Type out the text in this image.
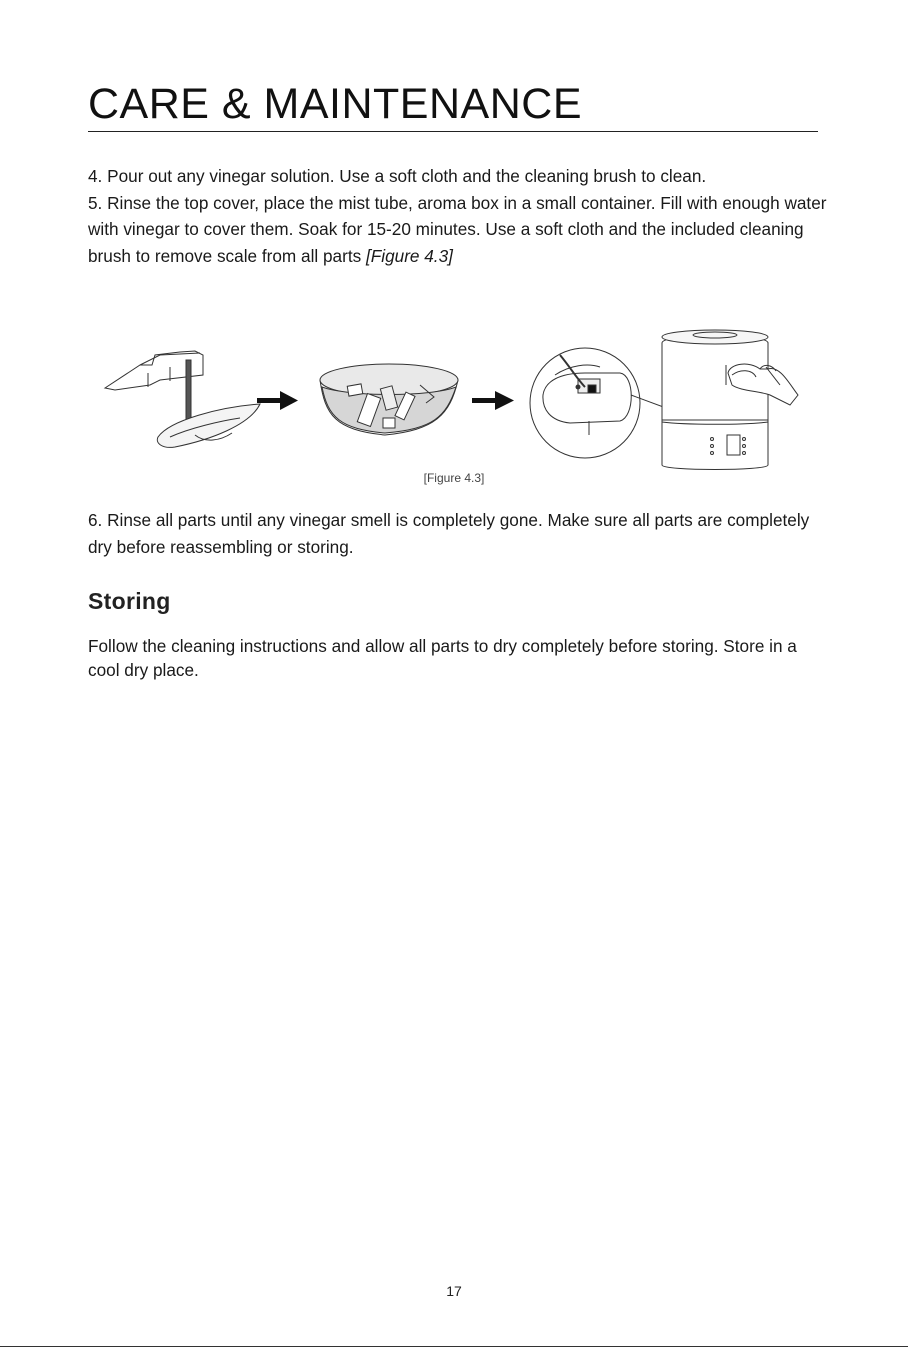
CARE & MAINTENANCE

4. Pour out any vinegar solution. Use a soft cloth and the cleaning brush to clean.

5. Rinse the top cover, place the mist tube, aroma box in a small container. Fill with enough water with vinegar to cover them. Soak for 15-20 minutes. Use a soft cloth and the included cleaning brush to remove scale from all parts [Figure 4.3]

[Figure 4.3]

6. Rinse all parts until any vinegar smell is completely gone. Make sure all parts are completely dry before reassembling or storing.

Storing

Follow the cleaning instructions and allow all parts to dry completely before storing. Store in a cool dry place.

17
